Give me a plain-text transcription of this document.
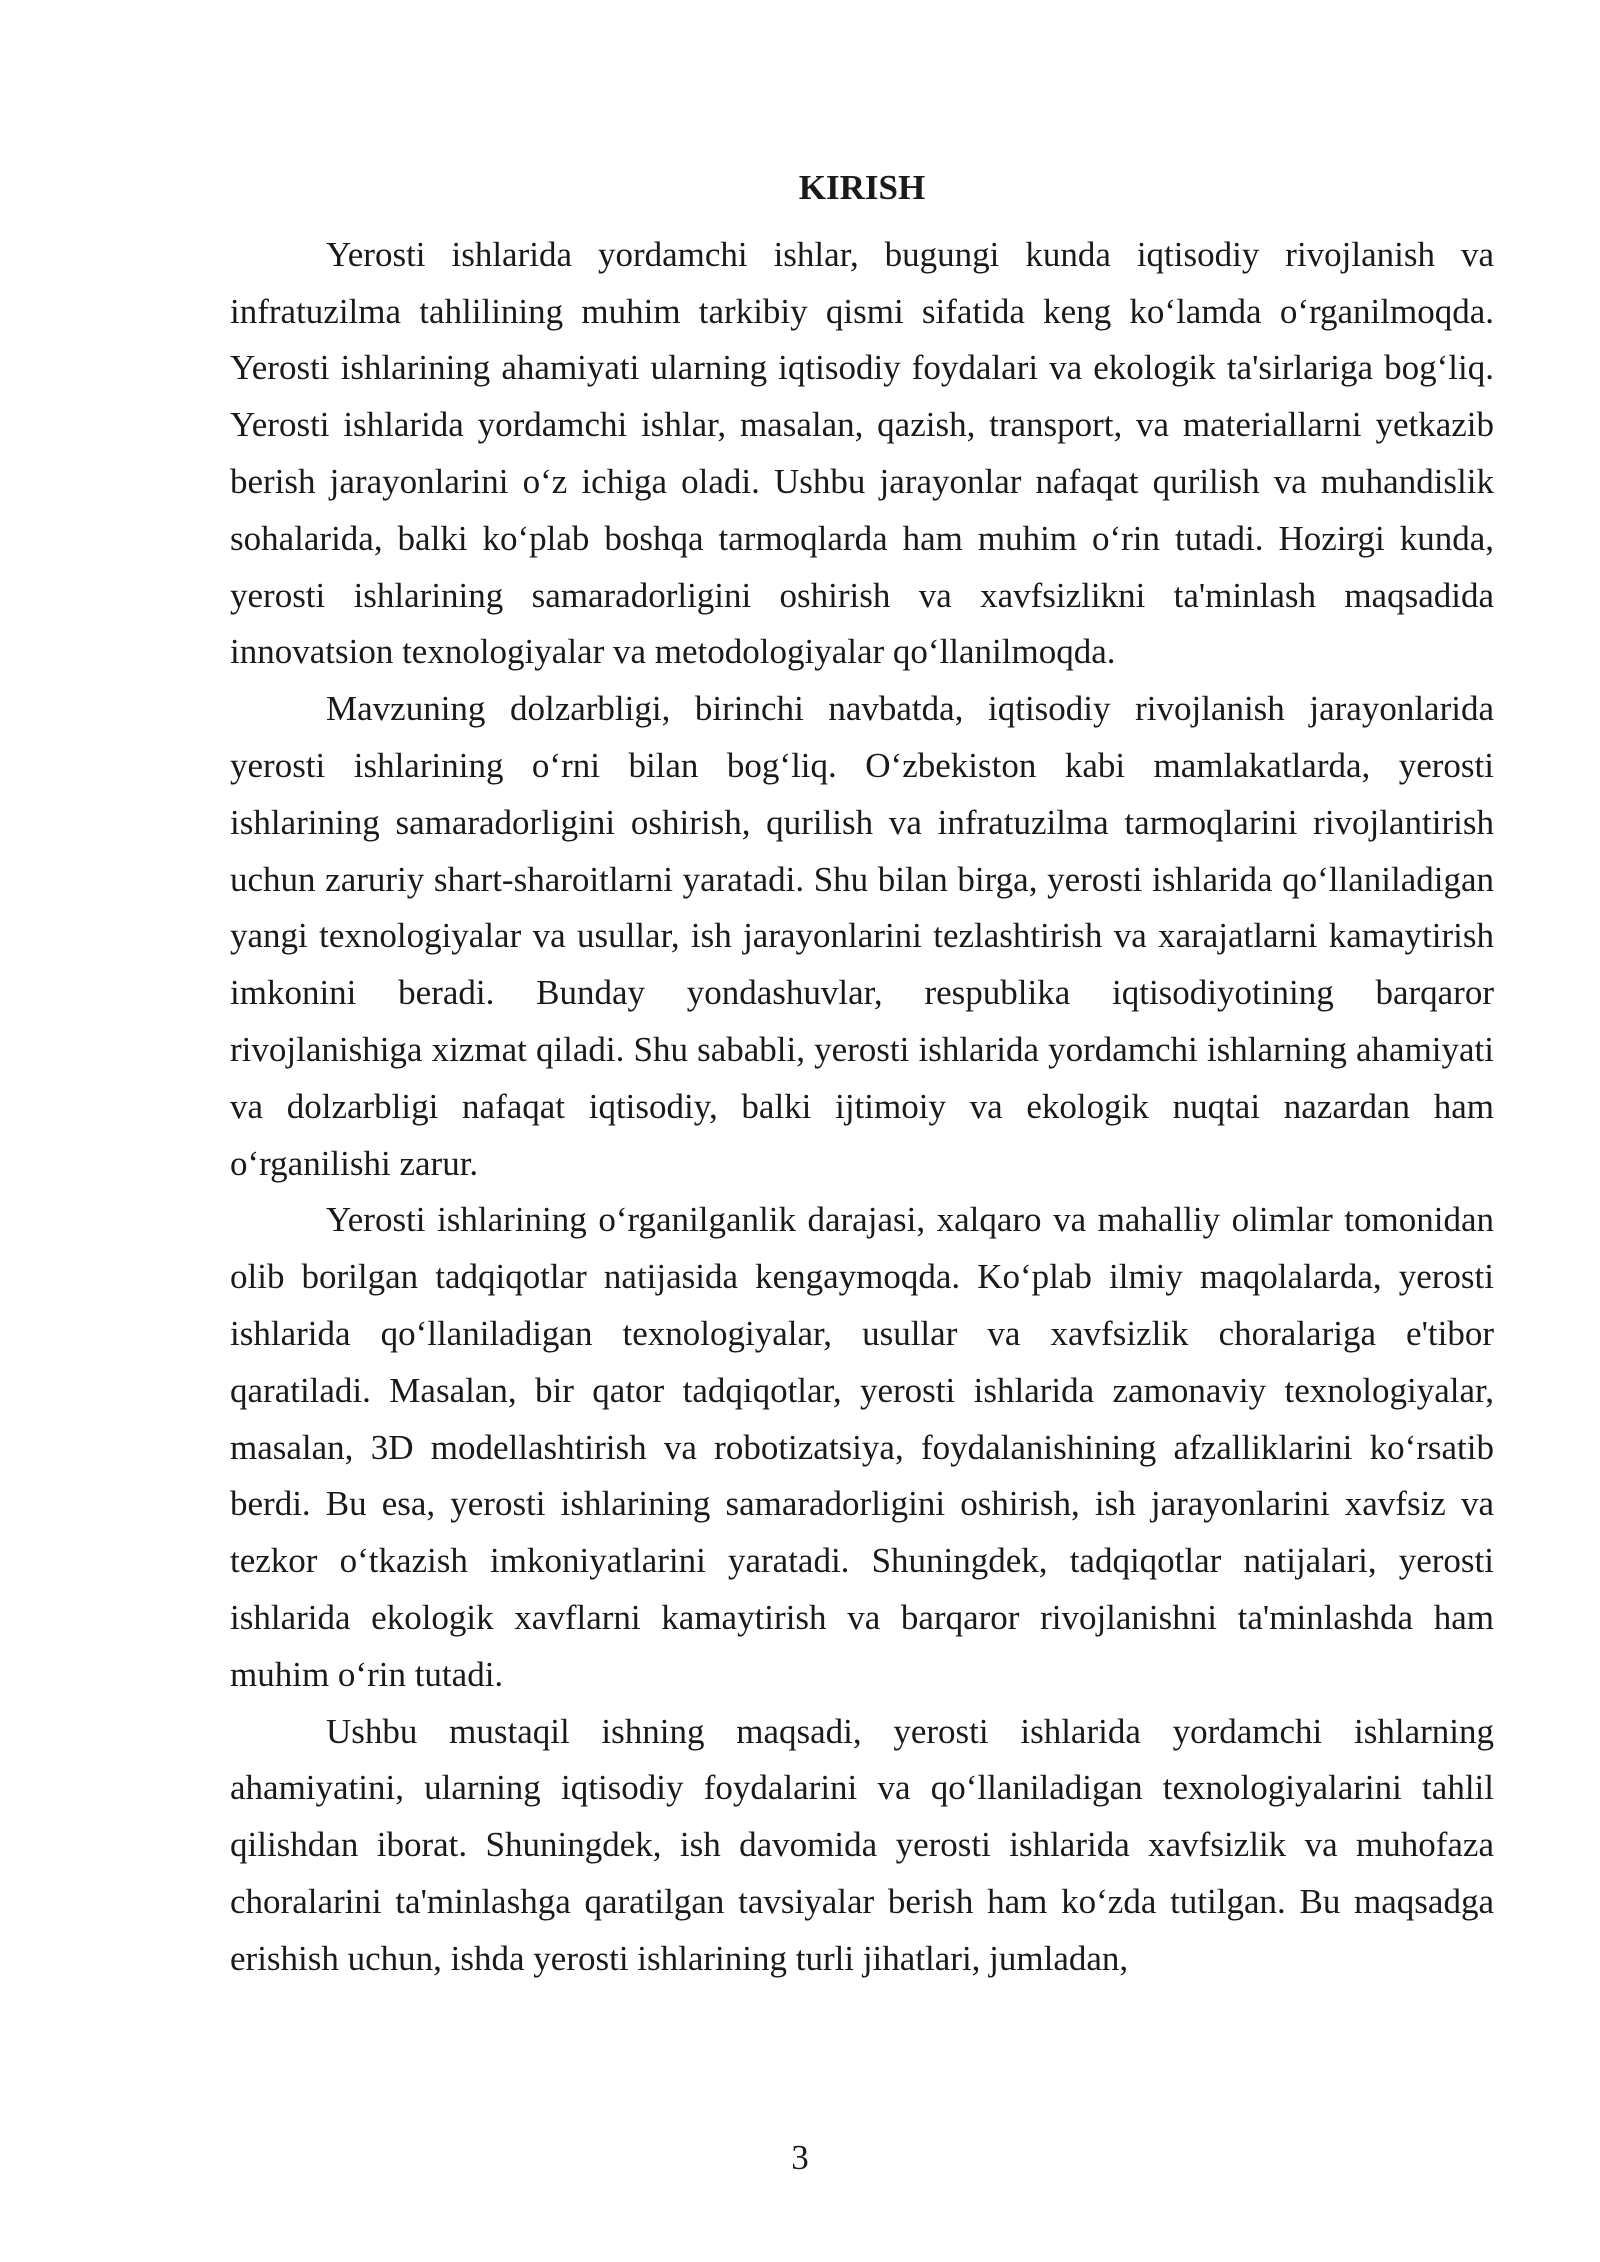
KIRISH

Yerosti ishlarida yordamchi ishlar, bugungi kunda iqtisodiy rivojlanish va infratuzilma tahlilining muhim tarkibiy qismi sifatida keng koʻlamda oʻrganilmoqda. Yerosti ishlarining ahamiyati ularning iqtisodiy foydalari va ekologik ta'sirlariga bogʻliq. Yerosti ishlarida yordamchi ishlar, masalan, qazish, transport, va materiallarni yetkazib berish jarayonlarini oʻz ichiga oladi. Ushbu jarayonlar nafaqat qurilish va muhandislik sohalarida, balki koʻplab boshqa tarmoqlarda ham muhim oʻrin tutadi. Hozirgi kunda, yerosti ishlarining samaradorligini oshirish va xavfsizlikni ta'minlash maqsadida innovatsion texnologiyalar va metodologiyalar qoʻllanilmoqda.

Mavzuning dolzarbligi, birinchi navbatda, iqtisodiy rivojlanish jarayonlarida yerosti ishlarining oʻrni bilan bogʻliq. Oʻzbekiston kabi mamlakatlarda, yerosti ishlarining samaradorligini oshirish, qurilish va infratuzilma tarmoqlarini rivojlantirish uchun zaruriy shart-sharoitlarni yaratadi. Shu bilan birga, yerosti ishlarida qoʻllaniladigan yangi texnologiyalar va usullar, ish jarayonlarini tezlashtirish va xarajatlarni kamaytirish imkonini beradi. Bunday yondashuvlar, respublika iqtisodiyotining barqaror rivojlanishiga xizmat qiladi. Shu sababli, yerosti ishlarida yordamchi ishlarning ahamiyati va dolzarbligi nafaqat iqtisodiy, balki ijtimoiy va ekologik nuqtai nazardan ham oʻrganilishi zarur.

Yerosti ishlarining oʻrganilganlik darajasi, xalqaro va mahalliy olimlar tomonidan olib borilgan tadqiqotlar natijasida kengaymoqda. Koʻplab ilmiy maqolalarda, yerosti ishlarida qoʻllaniladigan texnologiyalar, usullar va xavfsizlik choralariga e'tibor qaratiladi. Masalan, bir qator tadqiqotlar, yerosti ishlarida zamonaviy texnologiyalar, masalan, 3D modellashtirish va robotizatsiya, foydalanishining afzalliklarini koʻrsatib berdi. Bu esa, yerosti ishlarining samaradorligini oshirish, ish jarayonlarini xavfsiz va tezkor oʻtkazish imkoniyatlarini yaratadi. Shuningdek, tadqiqotlar natijalari, yerosti ishlarida ekologik xavflarni kamaytirish va barqaror rivojlanishni ta'minlashda ham muhim oʻrin tutadi.

Ushbu mustaqil ishning maqsadi, yerosti ishlarida yordamchi ishlarning ahamiyatini, ularning iqtisodiy foydalarini va qoʻllaniladigan texnologiyalarini tahlil qilishdan iborat. Shuningdek, ish davomida yerosti ishlarida xavfsizlik va muhofaza choralarini ta'minlashga qaratilgan tavsiyalar berish ham koʻzda tutilgan. Bu maqsadga erishish uchun, ishda yerosti ishlarining turli jihatlari, jumladan,

3
